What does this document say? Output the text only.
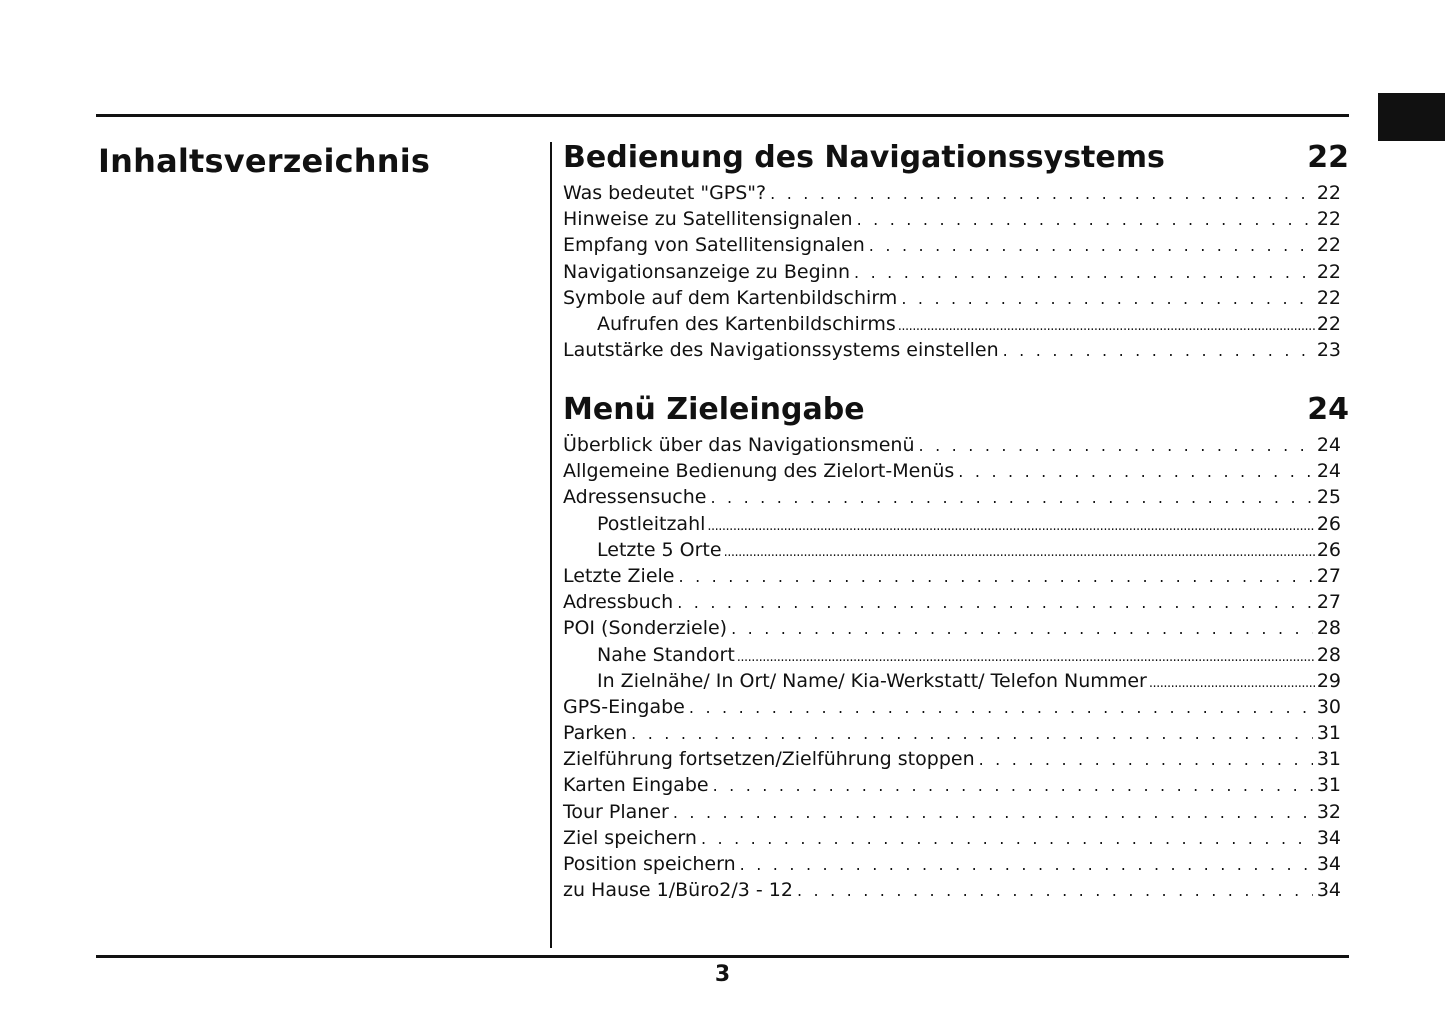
Inhaltsverzeichnis	Bedienung des Navigationssystems	22
Was bedeutet "GPS"? . . .	22
Hinweise zu Satellitensignalen . . .	22
Empfang von Satellitensignalen . . .	22
Navigationsanzeige zu Beginn . . .	22
Symbole auf dem Kartenbildschirm . . .	22
Aufrufen des Kartenbildschirms .....	22
Lautstärke des Navigationssystems einstellen . . .	23
Menü Zieleingabe	24
Überblick über das Navigationsmenü . . .	24
Allgemeine Bedienung des Zielort-Menüs . . .	24
Adressensuche . . .	25
Postleitzahl .....	26
Letzte 5 Orte .....	26
Letzte Ziele . . .	27
Adressbuch . . .	27
POI (Sonderziele) . . .	28
Nahe Standort .....	28
In Zielnähe/ In Ort/ Name/ Kia-Werkstatt/ Telefon Nummer .....	29
GPS-Eingabe . . .	30
Parken . . .	31
Zielführung fortsetzen/Zielführung stoppen . . .	31
Karten Eingabe . . .	31
Tour Planer . . .	32
Ziel speichern . . .	34
Position speichern . . .	34
zu Hause 1/Büro2/3 - 12 . . .	34
3
